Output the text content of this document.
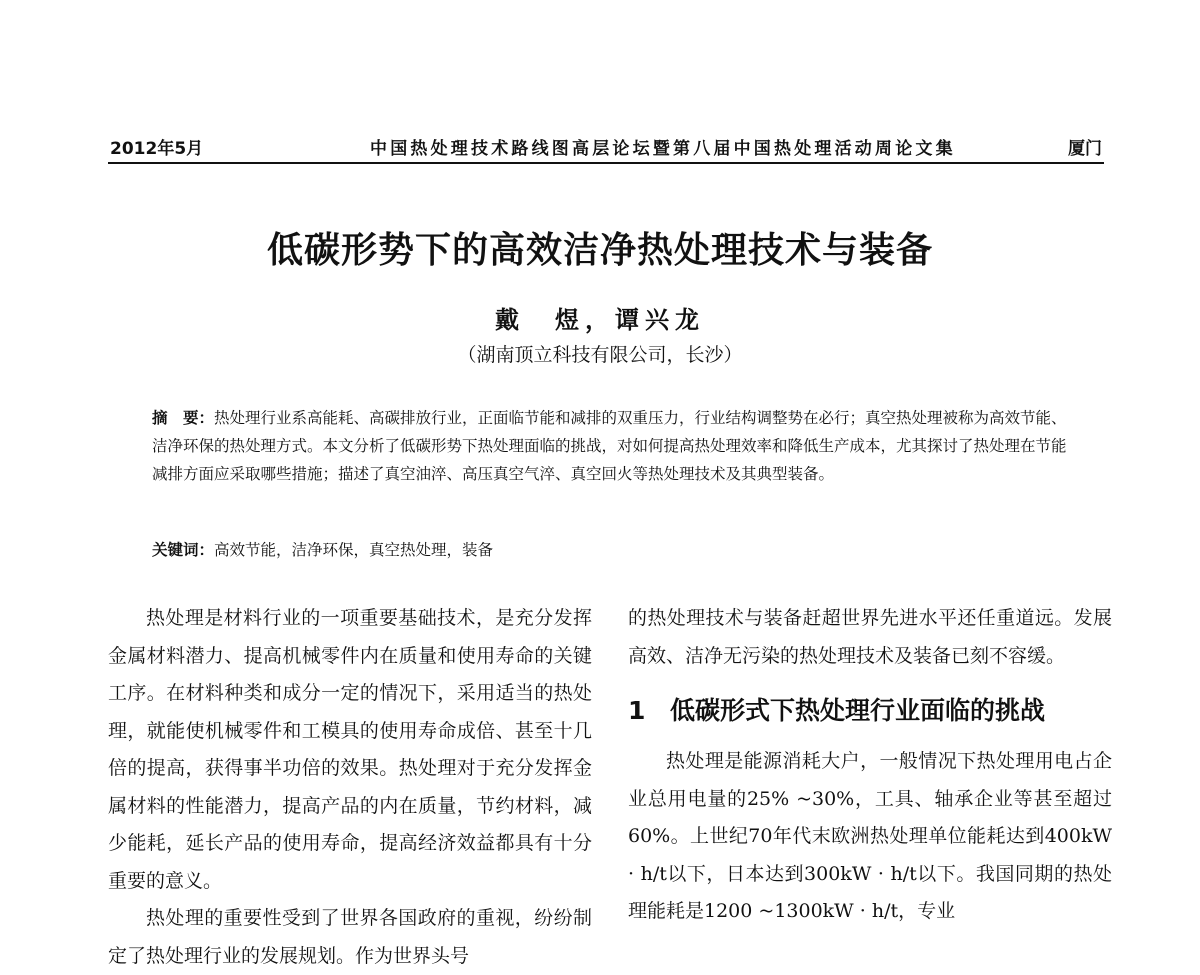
2012年5月	中国热处理技术路线图高层论坛暨第八届中国热处理活动周论文集	厦门
低碳形势下的高效洁净热处理技术与装备
戴　煜，谭兴龙
（湖南顶立科技有限公司，长沙）
摘　要：热处理行业系高能耗、高碳排放行业，正面临节能和减排的双重压力，行业结构调整势在必行；真空热处理被称为高效节能、洁净环保的热处理方式。本文分析了低碳形势下热处理面临的挑战，对如何提高热处理效率和降低生产成本，尤其探讨了热处理在节能减排方面应采取哪些措施；描述了真空油淬、高压真空气淬、真空回火等热处理技术及其典型装备。
关键词：高效节能，洁净环保，真空热处理，装备

热处理是材料行业的一项重要基础技术，是充分发挥金属材料潜力、提高机械零件内在质量和使用寿命的关键工序。在材料种类和成分一定的情况下，采用适当的热处理，就能使机械零件和工模具的使用寿命成倍、甚至十几倍的提高，获得事半功倍的效果。热处理对于充分发挥金属材料的性能潜力，提高产品的内在质量，节约材料，减少能耗，延长产品的使用寿命，提高经济效益都具有十分重要的意义。

热处理的重要性受到了世界各国政府的重视，纷纷制定了热处理行业的发展规划。作为世界头号

的热处理技术与装备赶超世界先进水平还任重道远。发展高效、洁净无污染的热处理技术及装备已刻不容缓。

1 低碳形式下热处理行业面临的挑战

热处理是能源消耗大户，一般情况下热处理用电占企业总用电量的25% ~30%，工具、轴承企业等甚至超过60%。上世纪70年代末欧洲热处理单位能耗达到400kW · h/t以下，日本达到300kW · h/t以下。我国同期的热处理能耗是1200 ~1300kW · h/t，专业
